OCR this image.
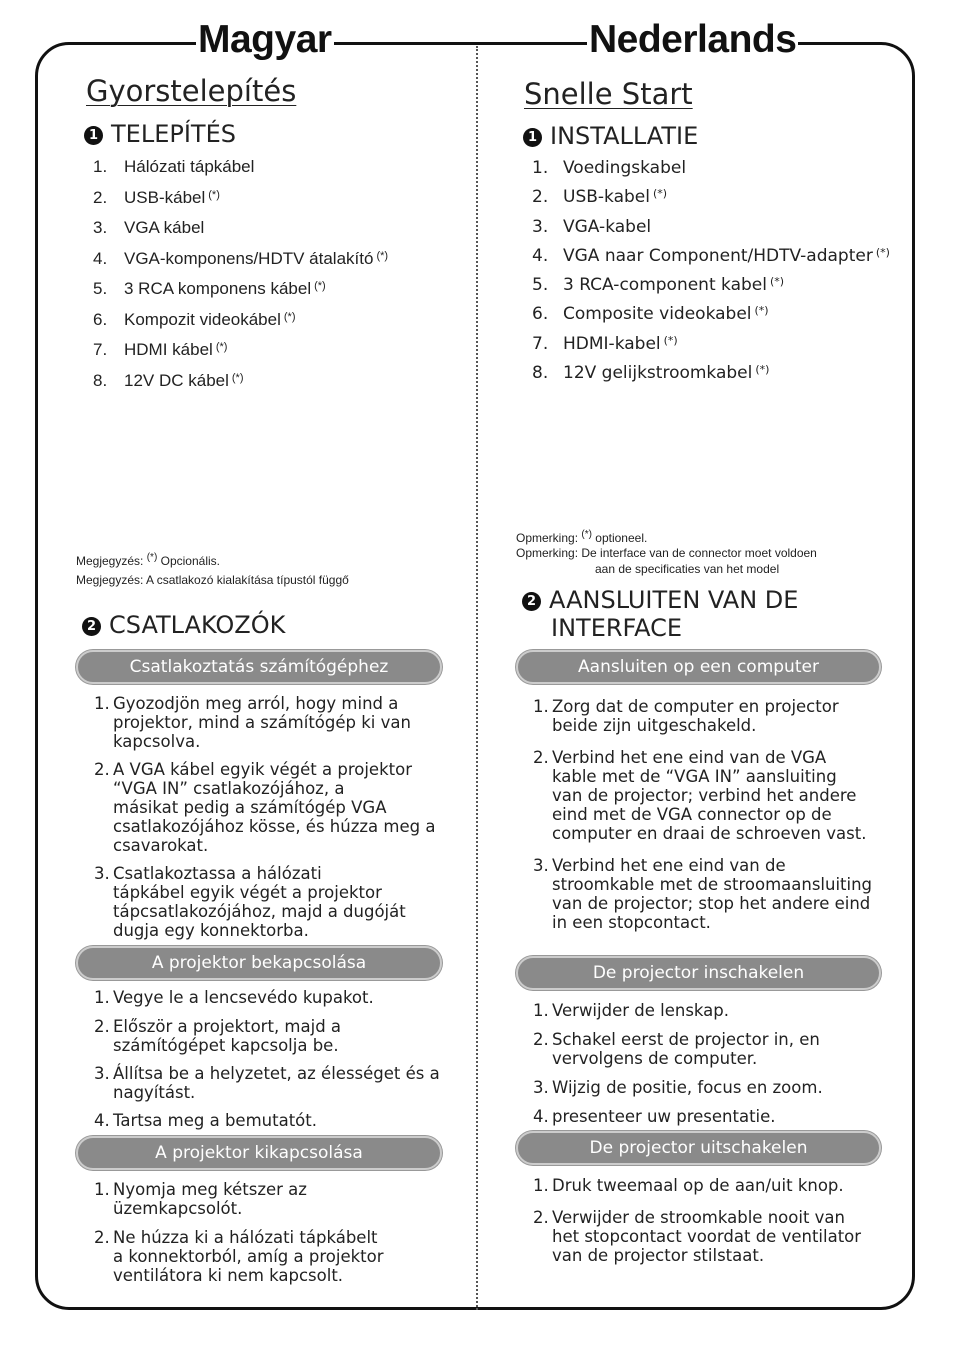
Magyar	Nederlands
Gyorstelepítés
1 TELEPÍTÉS
1. Hálózati tápkábel
2. USB-kábel (*)
3. VGA kábel
4. VGA-komponens/HDTV átalakító (*)
5. 3 RCA komponens kábel (*)
6. Kompozit videokábel (*)
7. HDMI kábel (*)
8. 12V DC kábel (*)
Megjegyzés: (*) Opcionális.
Megjegyzés: A csatlakozó kialakítása típustól függő
2 CSATLAKOZÓK
Csatlakoztatás számítógéphez
1. Gyozodjön meg arról, hogy mind a
projektor, mind a számítógép ki van
kapcsolva.
2. A VGA kábel egyik végét a projektor
“VGA IN” csatlakozójához, a
másikat pedig a számítógép VGA
csatlakozójához kösse, és húzza meg a
csavarokat.
3. Csatlakoztassa a hálózati
tápkábel egyik végét a projektor
tápcsatlakozójához, majd a dugóját
dugja egy konnektorba.
A projektor bekapcsolása
1. Vegye le a lencsevédo kupakot.
2. Először a projektort, majd a
számítógépet kapcsolja be.
3. Állítsa be a helyzetet, az élességet és a
nagyítást.
4. Tartsa meg a bemutatót.
A projektor kikapcsolása
1. Nyomja meg kétszer az
üzemkapcsolót.
2. Ne húzza ki a hálózati tápkábelt
a konnektorból, amíg a projektor
ventilátora ki nem kapcsolt.
Snelle Start
1 INSTALLATIE
1. Voedingskabel
2. USB-kabel (*)
3. VGA-kabel
4. VGA naar Component/HDTV-adapter (*)
5. 3 RCA-component kabel (*)
6. Composite videokabel (*)
7. HDMI-kabel (*)
8. 12V gelijkstroomkabel (*)
Opmerking: (*) optioneel.
Opmerking: De interface van de connector moet voldoen
aan de specificaties van het model
2 AANSLUITEN VAN DE
INTERFACE
Aansluiten op een computer
1. Zorg dat de computer en projector
beide zijn uitgeschakeld.
2. Verbind het ene eind van de VGA
kable met de “VGA IN” aansluiting
van de projector; verbind het andere
eind met de VGA connector op de
computer en draai de schroeven vast.
3. Verbind het ene eind van de
stroomkable met de stroomaansluiting
van de projector; stop het andere eind
in een stopcontact.
De projector inschakelen
1. Verwijder de lenskap.
2. Schakel eerst de projector in, en
vervolgens de computer.
3. Wijzig de positie, focus en zoom.
4. presenteer uw presentatie.
De projector uitschakelen
1. Druk tweemaal op de aan/uit knop.
2. Verwijder de stroomkable nooit van
het stopcontact voordat de ventilator
van de projector stilstaat.
